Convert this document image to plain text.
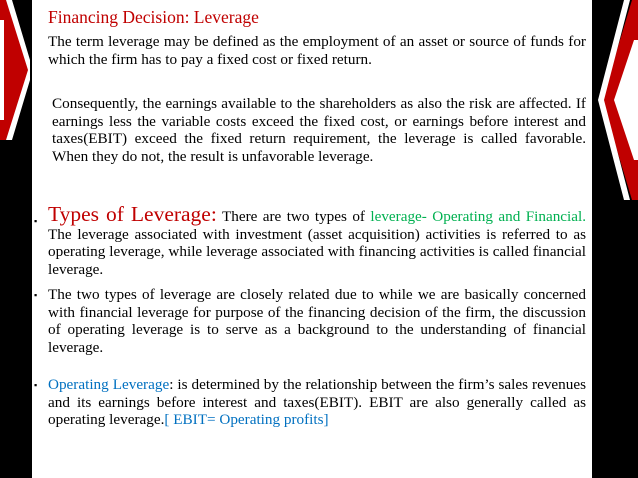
Financing Decision: Leverage

The term leverage may be defined as the employment of an asset or source of funds for which the firm has to pay a fixed cost or fixed return.

Consequently, the earnings available to the shareholders as also the risk are affected. If earnings less the variable costs exceed the fixed cost, or earnings before interest and taxes(EBIT) exceed the fixed return requirement, the leverage is called favorable. When they do not, the result is unfavorable leverage.

▪ Types of Leverage: There are two types of leverage- Operating and Financial. The leverage associated with investment (asset acquisition) activities is referred to as operating leverage, while leverage associated with financing activities is called financial leverage.

▪ The two types of leverage are closely related due to while we are basically concerned with financial leverage for purpose of the financing decision of the firm, the discussion of operating leverage is to serve as a background to the understanding of financial leverage.

▪ Operating Leverage: is determined by the relationship between the firm’s sales revenues and its earnings before interest and taxes(EBIT). EBIT are also generally called as operating leverage.[ EBIT= Operating profits]
